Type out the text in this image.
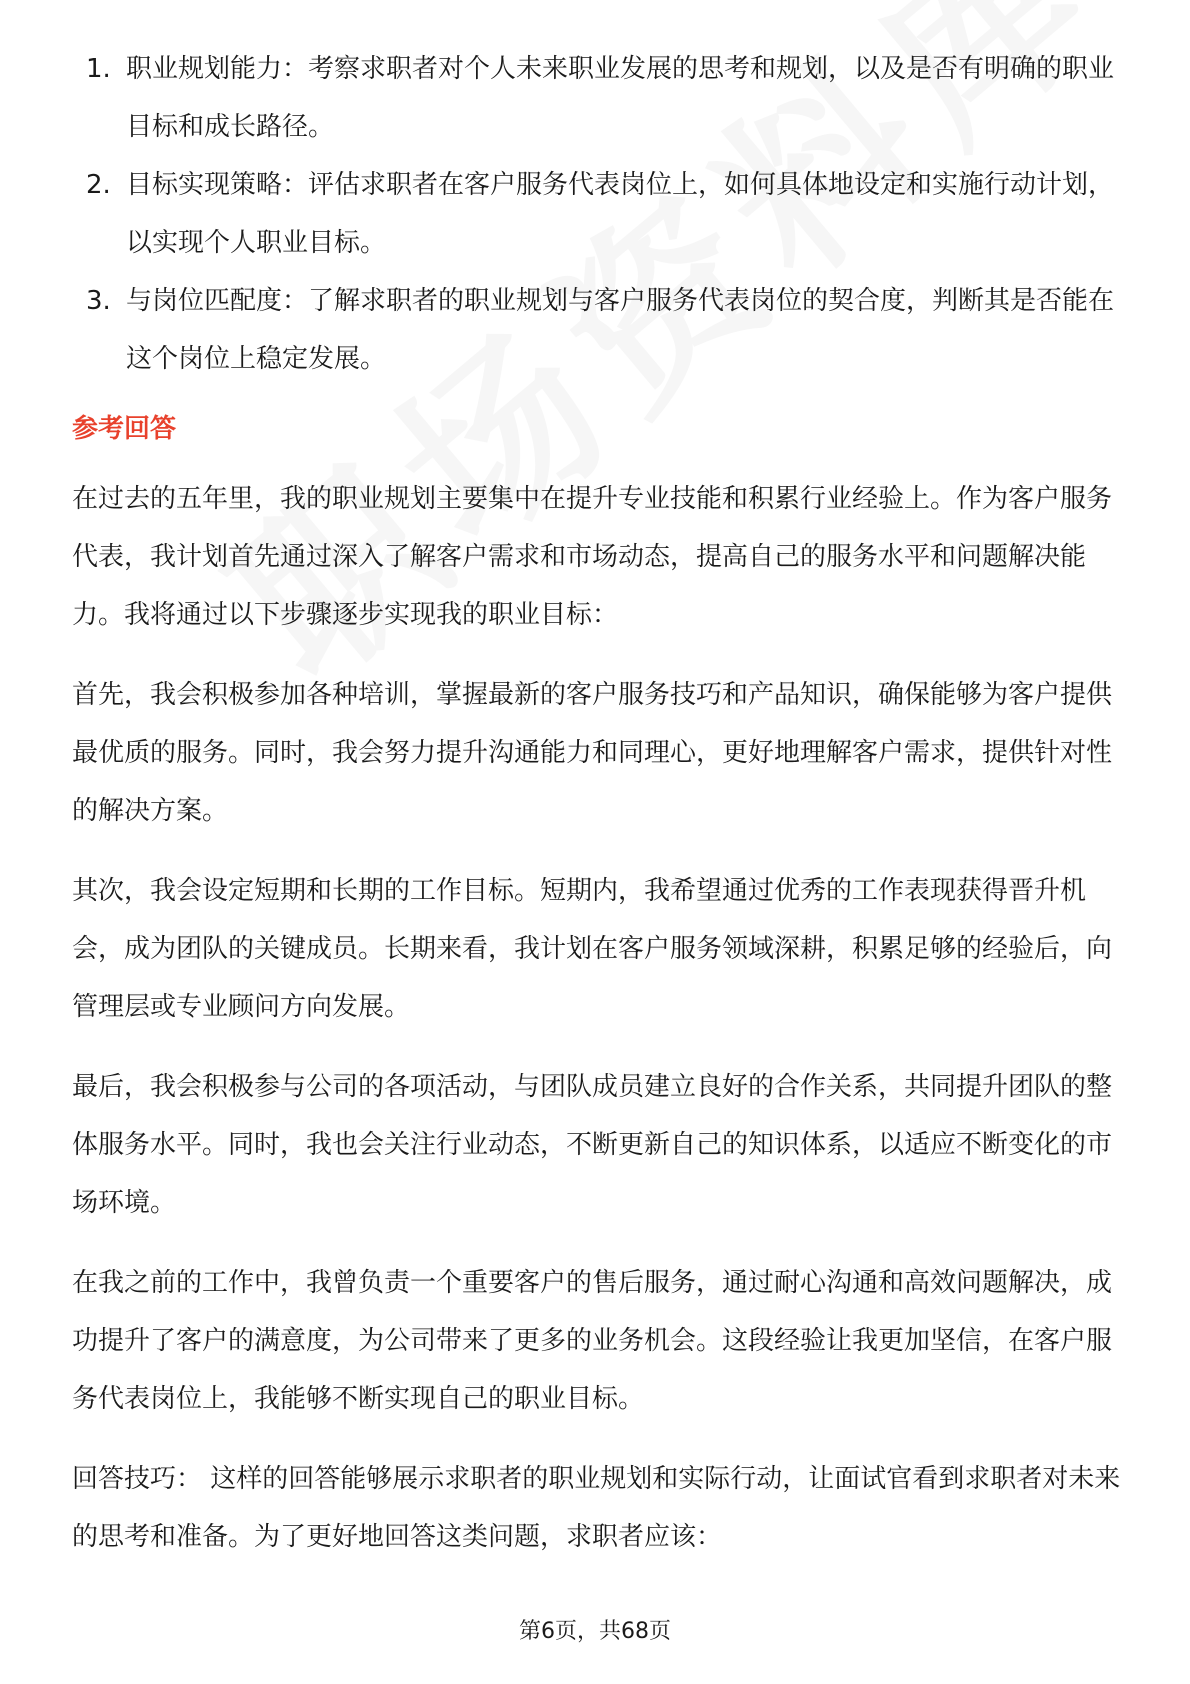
1. 职业规划能力：考察求职者对个人未来职业发展的思考和规划，以及是否有明确的职业目标和成长路径。
2. 目标实现策略：评估求职者在客户服务代表岗位上，如何具体地设定和实施行动计划，以实现个人职业目标。
3. 与岗位匹配度：了解求职者的职业规划与客户服务代表岗位的契合度，判断其是否能在这个岗位上稳定发展。
参考回答

在过去的五年里，我的职业规划主要集中在提升专业技能和积累行业经验上。作为客户服务代表，我计划首先通过深入了解客户需求和市场动态，提高自己的服务水平和问题解决能力。我将通过以下步骤逐步实现我的职业目标：

首先，我会积极参加各种培训，掌握最新的客户服务技巧和产品知识，确保能够为客户提供最优质的服务。同时，我会努力提升沟通能力和同理心，更好地理解客户需求，提供针对性的解决方案。

其次，我会设定短期和长期的工作目标。短期内，我希望通过优秀的工作表现获得晋升机会，成为团队的关键成员。长期来看，我计划在客户服务领域深耕，积累足够的经验后，向管理层或专业顾问方向发展。

最后，我会积极参与公司的各项活动，与团队成员建立良好的合作关系，共同提升团队的整体服务水平。同时，我也会关注行业动态，不断更新自己的知识体系，以适应不断变化的市场环境。

在我之前的工作中，我曾负责一个重要客户的售后服务，通过耐心沟通和高效问题解决，成功提升了客户的满意度，为公司带来了更多的业务机会。这段经验让我更加坚信，在客户服务代表岗位上，我能够不断实现自己的职业目标。

回答技巧： 这样的回答能够展示求职者的职业规划和实际行动，让面试官看到求职者对未来的思考和准备。为了更好地回答这类问题，求职者应该：

第6页，共68页
